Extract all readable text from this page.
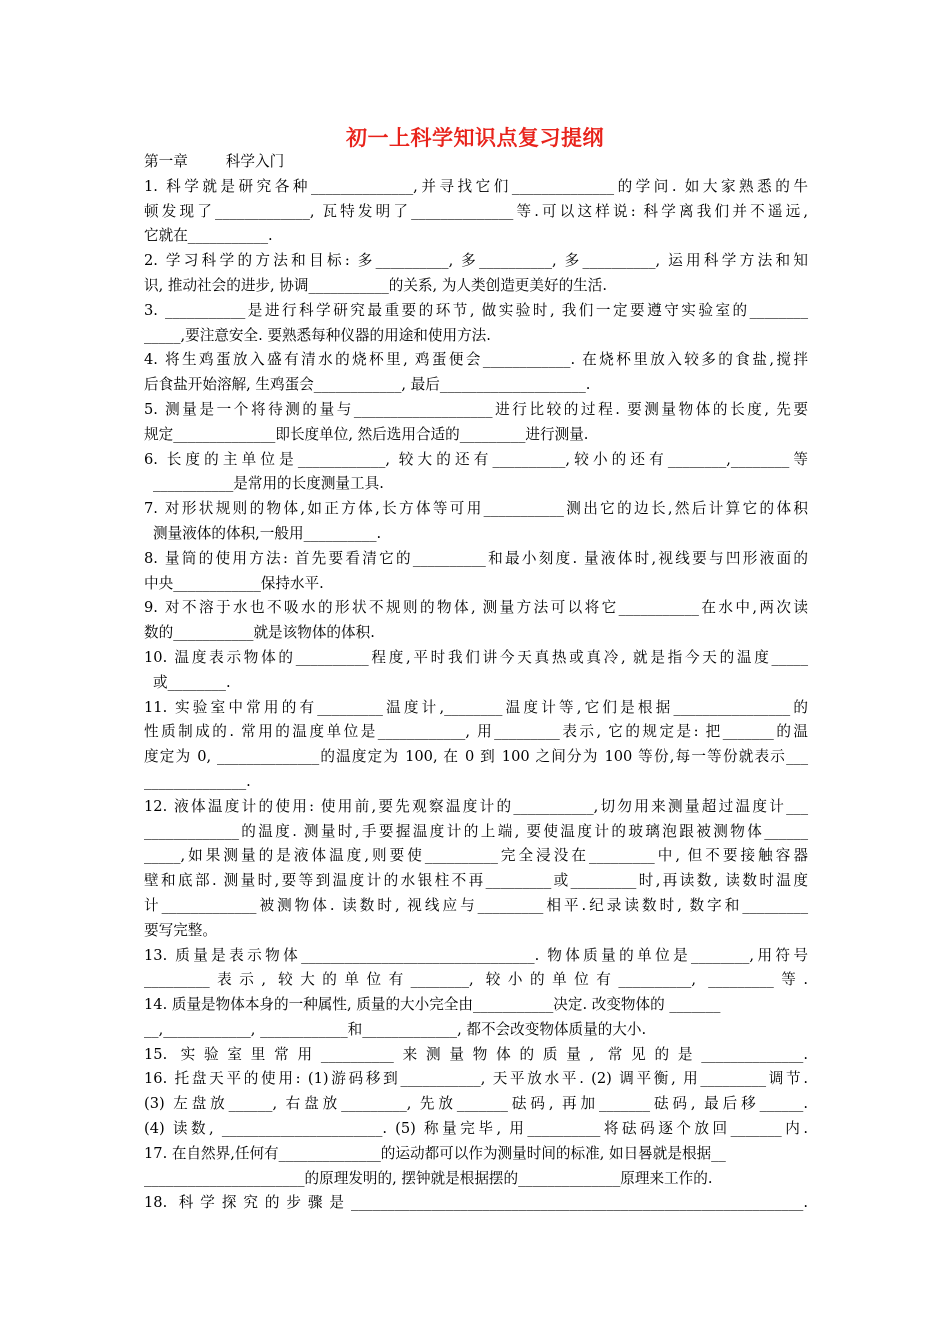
初一上科学知识点复习提纲
第一章	科学入门
1. 科学就是研究各种______________,并寻找它们______________的学问. 如大家熟悉的牛
顿发现了_____________, 瓦特发明了______________等.可以这样说: 科学离我们并不遥远,
它就在___________.
2. 学习科学的方法和目标: 多__________, 多__________, 多__________, 运用科学方法和知
识, 推动社会的进步, 协调___________的关系, 为人类创造更美好的生活.
3. ___________是进行科学研究最重要的环节, 做实验时, 我们一定要遵守实验室的________
_____,要注意安全. 要熟悉每种仪器的用途和使用方法.
4. 将生鸡蛋放入盛有清水的烧杯里, 鸡蛋便会____________. 在烧杯里放入较多的食盐,搅拌
后食盐开始溶解, 生鸡蛋会____________, 最后____________________.
5. 测量是一个将待测的量与___________________进行比较的过程. 要测量物体的长度, 先要
规定______________即长度单位, 然后选用合适的_________进行测量.
6. 长度的主单位是____________, 较大的还有__________,较小的还有________,________等
___________是常用的长度测量工具.
7. 对形状规则的物体,如正方体,长方体等可用___________测出它的边长,然后计算它的体积
测量液体的体积,一般用__________.
8. 量筒的使用方法: 首先要看清它的__________和最小刻度. 量液体时,视线要与凹形液面的
中央____________保持水平.
9. 对不溶于水也不吸水的形状不规则的物体, 测量方法可以将它___________在水中,两次读
数的___________就是该物体的体积.
10. 温度表示物体的__________程度,平时我们讲今天真热或真冷, 就是指今天的温度_____
或________.
11. 实验室中常用的有_________温度计,________温度计等,它们是根据________________的
性质制成的. 常用的温度单位是____________, 用_________表示, 它的规定是: 把_______的温
度定为 0, ______________的温度定为 100, 在 0 到 100 之间分为 100 等份,每一等份就表示___
______________.
12. 液体温度计的使用: 使用前,要先观察温度计的___________,切勿用来测量超过温度计___
_____________的温度. 测量时,手要握温度计的上端, 要使温度计的玻璃泡跟被测物体______
_____,如果测量的是液体温度,则要使__________完全浸没在_________中, 但不要接触容器
壁和底部. 测量时,要等到温度计的水银柱不再_________或_________时,再读数, 读数时温度
计_____________被测物体. 读数时, 视线应与_________相平.纪录读数时, 数字和_________
要写完整。
13. 质量是表示物体________________________________. 物体质量的单位是________,用符号
_________表示, 较大的单位有________, 较小的单位有__________, _________等.
14. 质量是物体本身的一种属性, 质量的大小完全由___________决定. 改变物体的 _______
__,____________, ____________和_____________, 都不会改变物体质量的大小.
15. 实验室里常用__________来测量物体的质量, 常见的是______________.
16. 托盘天平的使用: (1)游码移到___________, 天平放水平. (2) 调平衡, 用_________调节.
(3) 左盘放______, 右盘放_________, 先放_______砝码, 再加_______砝码, 最后移______.
(4) 读数, ______________________. (5) 称量完毕, 用__________将砝码逐个放回_______内.
17. 在自然界,任何有______________的运动都可以作为测量时间的标准, 如日晷就是根据__
______________________的原理发明的, 摆钟就是根据摆的______________原理来工作的.
18. 科学探究的步骤是______________________________________________________________.
